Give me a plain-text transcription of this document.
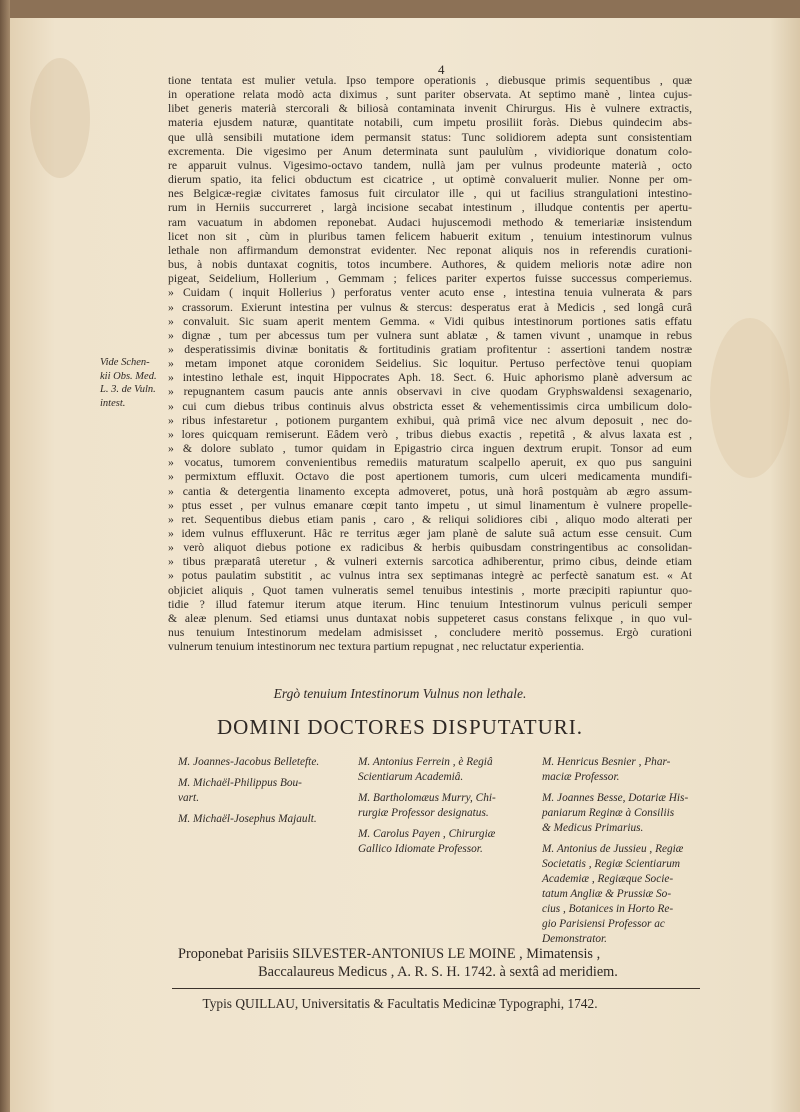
4
tione tentata est mulier vetula. Ipso tempore operationis , diebusque primis sequentibus , quæ
in operatione relata modò acta diximus , sunt pariter observata. At septimo manè , lintea cujus-
libet generis materià stercorali & biliosà contaminata invenit Chirurgus. His è vulnere extractis,
materia ejusdem naturæ, quantitate notabili, cum impetu prosiliit foràs. Diebus quindecim abs-
que ullà sensibili mutatione idem permansit status: Tunc solidiorem adepta sunt consistentiam
excrementa. Die vigesimo per Anum determinata sunt paululùm , vividiorique donatum colo-
re apparuit vulnus. Vigesimo-octavo tandem, nullà jam per vulnus prodeunte materià , octo
dierum spatio, ita felici obductum est cicatrice , ut optimè convaluerit mulier. Nonne per om-
nes Belgicæ-regiæ civitates famosus fuit circulator ille , qui ut facilius strangulationi intestino-
rum in Herniis succurreret , largà incisione secabat intestinum , illudque contentis per apertu-
ram vacuatum in abdomen reponebat. Audaci hujuscemodi methodo & temeriariæ insistendum
licet non sit , cùm in pluribus tamen felicem habuerit exitum , tenuium intestinorum vulnus
lethale non affirmandum demonstrat evidenter. Nec reponat aliquis nos in referendis curationi-
bus, à nobis duntaxat cognitis, totos incumbere. Authores, & quidem melioris notæ adire non
pigeat, Seidelium, Hollerium , Gemmam ; felices pariter expertos fuisse successus comperiemus.
» Cuidam ( inquit Hollerius ) perforatus venter acuto ense , intestina tenuia vulnerata & pars
» crassorum. Exierunt intestina per vulnus & stercus: desperatus erat à Medicis , sed longâ curâ
» convaluit. Sic suam aperit mentem Gemma. « Vidi quibus intestinorum portiones satis effatu
» dignæ , tum per abcessus tum per vulnera sunt ablatæ , & tamen vivunt , unamque in rebus
» desperatissimis divinæ bonitatis & fortitudinis gratiam profitentur : assertioni tandem nostræ
» metam imponet atque coronidem Seidelius. Sic loquitur. Pertuso perfectòve tenui quopiam
» intestino lethale est, inquit Hippocrates Aph. 18. Sect. 6. Huic aphorismo planè adversum ac
» repugnantem casum paucis ante annis observavi in cive quodam Gryphswaldensi sexagenario,
» cui cum diebus tribus continuis alvus obstricta esset & vehementissimis circa umbilicum dolo-
» ribus infestaretur , potionem purgantem exhibui, quà primâ vice nec alvum deposuit , nec do-
» lores quicquam remiserunt. Eâdem verò , tribus diebus exactis , repetitâ , & alvus laxata est ,
» & dolore sublato , tumor quidam in Epigastrio circa inguen dextrum erupit. Tonsor ad eum
» vocatus, tumorem convenientibus remediis maturatum scalpello aperuit, ex quo pus sanguini
» permixtum effluxit. Octavo die post apertionem tumoris, cum ulceri medicamenta mundifi-
» cantia & detergentia linamento excepta admoveret, potus, unà horâ postquàm ab ægro assum-
» ptus esset , per vulnus emanare cœpit tanto impetu , ut simul linamentum è vulnere propelle-
» ret. Sequentibus diebus etiam panis , caro , & reliqui solidiores cibi , aliquo modo alterati per
» idem vulnus effluxerunt. Hâc re territus æger jam planè de salute suâ actum esse censuit. Cum
» verò aliquot diebus potione ex radicibus & herbis quibusdam constringentibus ac consolidan-
» tibus præparatâ uteretur , & vulneri externis sarcotica adhiberentur, primo cibus, deinde etiam
» potus paulatim substitit , ac vulnus intra sex septimanas integrè ac perfectè sanatum est. « At
objiciet aliquis , Quot tamen vulneratis semel tenuibus intestinis , morte præcipiti rapiuntur quo-
tidie ? illud fatemur iterum atque iterum. Hinc tenuium Intestinorum vulnus periculi semper
& aleæ plenum. Sed etiamsi unus duntaxat nobis suppeteret casus constans felixque , in quo vul-
nus tenuium Intestinorum medelam admisisset , concludere meritò possemus. Ergò curationi
vulnerum tenuium intestinorum nec textura partium repugnat , nec reluctatur experientia.
Vide Schen-
kii Obs. Med.
L. 3. de Vuln.
intest.

Ergò tenuium Intestinorum Vulnus non lethale.

DOMINI DOCTORES DISPUTATURI.

M. Joannes-Jacobus Belletefte.
M. Michaël-Philippus Bou-
vart.
M. Michaël-Josephus Majault.
M. Antonius Ferrein , è Regiâ
Scientiarum Academiâ.
M. Bartholomæus Murry, Chi-
rurgiæ Professor designatus.
M. Carolus Payen , Chirurgiæ
Gallico Idiomate Professor.
M. Henricus Besnier , Phar-
maciæ Professor.
M. Joannes Besse, Dotariæ His-
paniarum Reginæ à Consiliis
& Medicus Primarius.
M. Antonius de Jussieu , Regiæ
Societatis , Regiæ Scientiarum
Academiæ , Regiæque Socie-
tatum Angliæ & Prussiæ So-
cius , Botanices in Horto Re-
gio Parisiensi Professor ac
Demonstrator.
Proponebat Parisiis SILVESTER-ANTONIUS LE MOINE , Mimatensis ,
Baccalaureus Medicus , A. R. S. H. 1742. à sextâ ad meridiem.

Typis QUILLAU, Universitatis & Facultatis Medicinæ Typographi, 1742.
